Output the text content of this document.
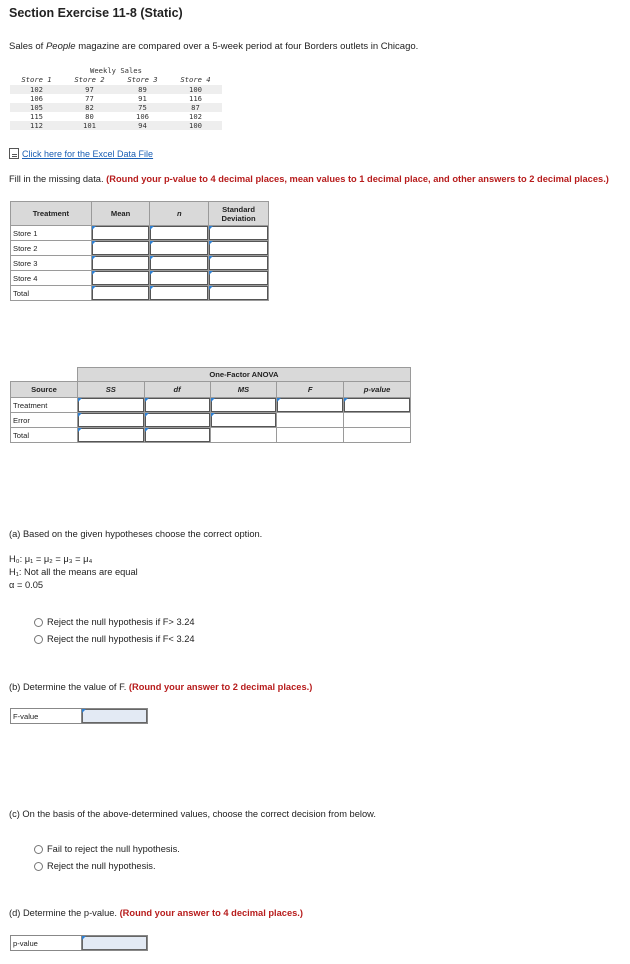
Section Exercise 11-8 (Static)
Sales of People magazine are compared over a 5-week period at four Borders outlets in Chicago.
Weekly Sales
Store 1	Store 2	Store 3	Store 4
102	97	89	100
106	77	91	116
105	82	75	87
115	80	106	102
112	101	94	100
Click here for the Excel Data File
Fill in the missing data. (Round your p-value to 4 decimal places, mean values to 1 decimal place, and other answers to 2 decimal places.)
Treatment	Mean	n	Standard Deviation
Store 1	

Store 2	

Store 3	

Store 4	

Total	

	One-Factor ANOVA				
Source	SS	df	MS	F	p-value
Treatment	

Error	

Total	

(a) Based on the given hypotheses choose the correct option.
H₀: μ₁ = μ₂ = μ₃ = μ₄
H₁: Not all the means are equal
α = 0.05
Reject the null hypothesis if F> 3.24
Reject the null hypothesis if F< 3.24
(b) Determine the value of F. (Round your answer to 2 decimal places.)
F-value
(c) On the basis of the above-determined values, choose the correct decision from below.
Fail to reject the null hypothesis.
Reject the null hypothesis.
(d) Determine the p-value. (Round your answer to 4 decimal places.)
p-value
